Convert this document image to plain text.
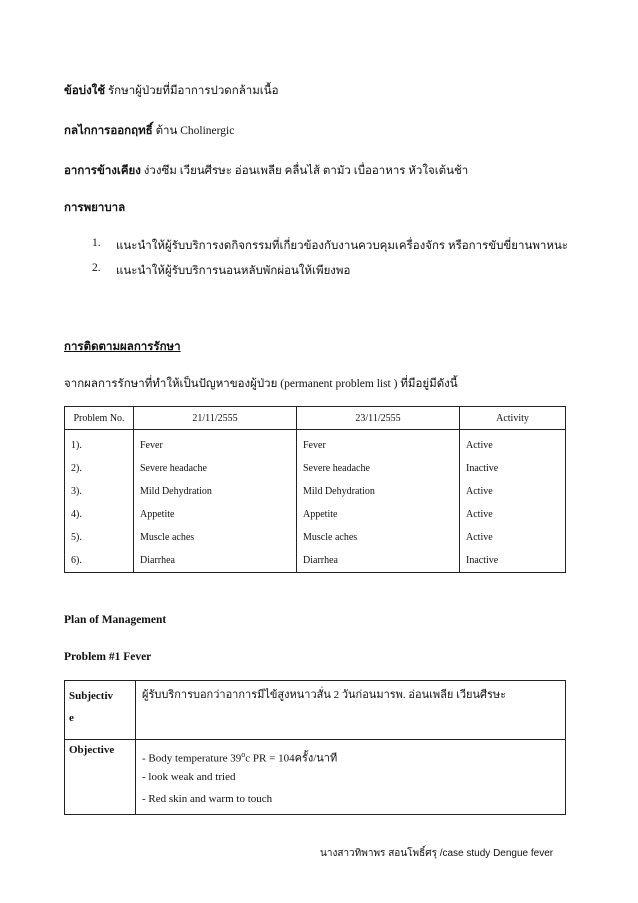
ข้อบ่งใช้ รักษาผู้ป่วยที่มีอาการปวดกล้ามเนื้อ
กลไกการออกฤทธิ์ ต้าน Cholinergic
อาการข้างเคียง ง่วงซึม เวียนศีรษะ อ่อนเพลีย คลื่นไส้ ตามัว เบื่ออาหาร หัวใจเต้นช้า
การพยาบาล
1. แนะนำให้ผู้รับบริการงดกิจกรรมที่เกี่ยวข้องกับงานควบคุมเครื่องจักร หรือการขับขี่ยานพาหนะ
2. แนะนำให้ผู้รับบริการนอนหลับพักผ่อนให้เพียงพอ
การติดตามผลการรักษา
จากผลการรักษาที่ทำให้เป็นปัญหาของผู้ป่วย (permanent problem list ) ที่มีอยู่มีดังนี้
Problem No.	21/11/2555	23/11/2555	Activity
1).	Fever	Fever	Active
2).	Severe headache	Severe headache	Inactive
3).	Mild Dehydration	Mild Dehydration	Active
4).	Appetite	Appetite	Active
5).	Muscle aches	Muscle aches	Active
6).	Diarrhea	Diarrhea	Inactive
Plan of Management
Problem #1 Fever
Subjectiv
e	ผู้รับบริการบอกว่าอาการมีไข้สูงหนาวสั่น 2 วันก่อนมารพ. อ่อนเพลีย เวียนศีรษะ
Objective	- Body temperature 39$^o$c PR = 104ครั้ง/นาที
- look weak and tried
- Red skin and warm to touch
นางสาวทิพาพร สอนโพธิ์ศรุ /case study Dengue fever
